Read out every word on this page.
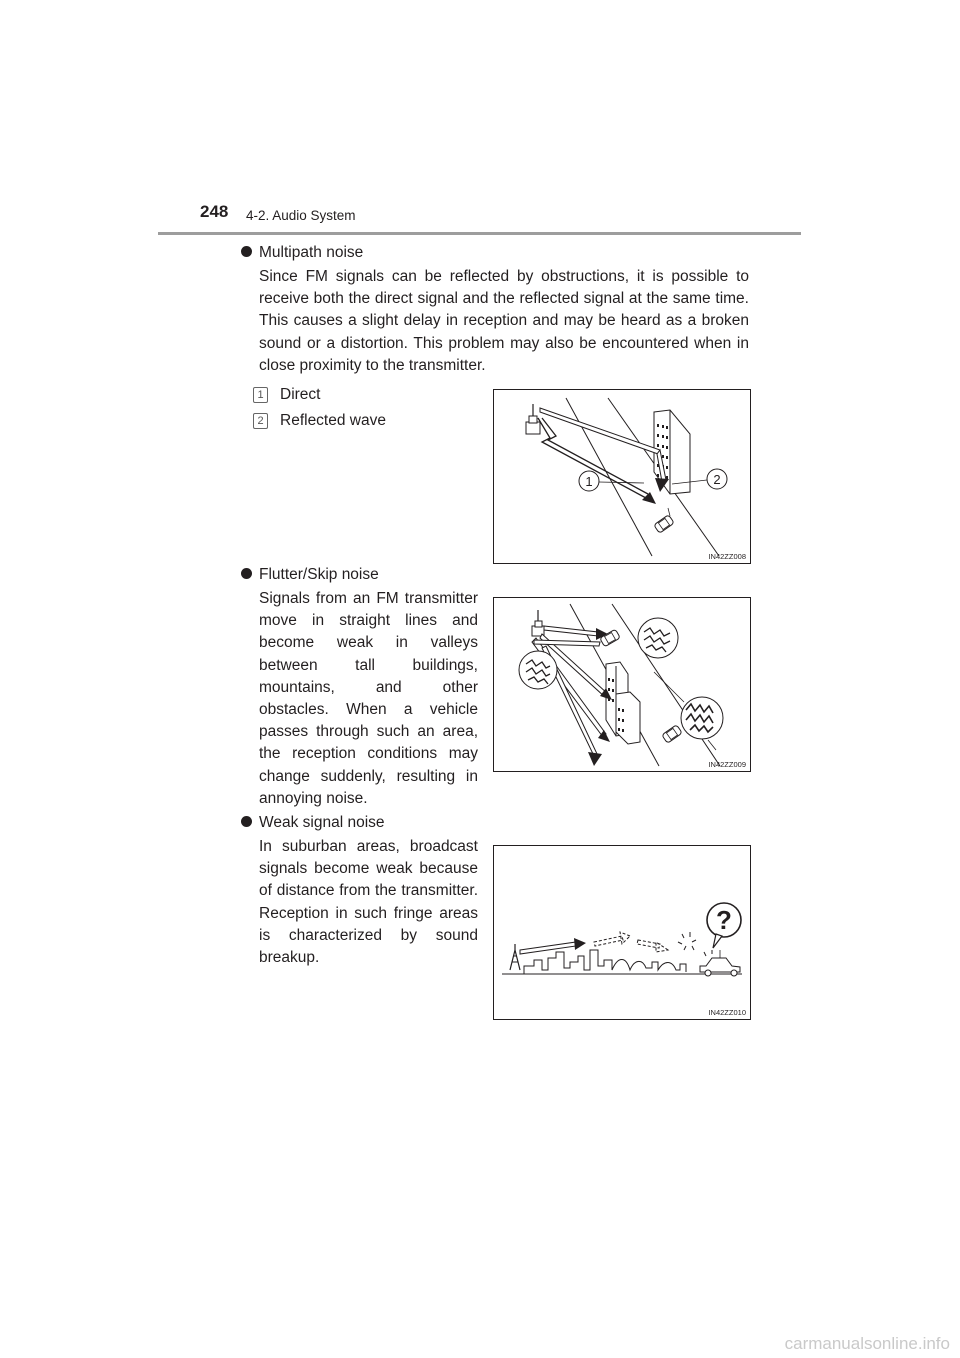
248 4-2. Audio System
Multipath noise
Since FM signals can be reflected by obstructions, it is possible to receive both the direct signal and the reflected signal at the same time. This causes a slight delay in reception and may be heard as a broken sound or a distortion. This problem may also be encountered when in close proximity to the transmitter.
1 Direct
2 Reflected wave
1	2
IN42ZZ008
Flutter/Skip noise
Signals from an FM transmitter move in straight lines and become weak in valleys between tall buildings, mountains, and other obstacles. When a vehicle passes through such an area, the reception conditions may change suddenly, resulting in annoying noise.
IN42ZZ009
Weak signal noise
In suburban areas, broadcast signals become weak because of distance from the transmitter. Reception in such fringe areas is characterized by sound breakup.
?
IN42ZZ010
carmanualsonline.info
